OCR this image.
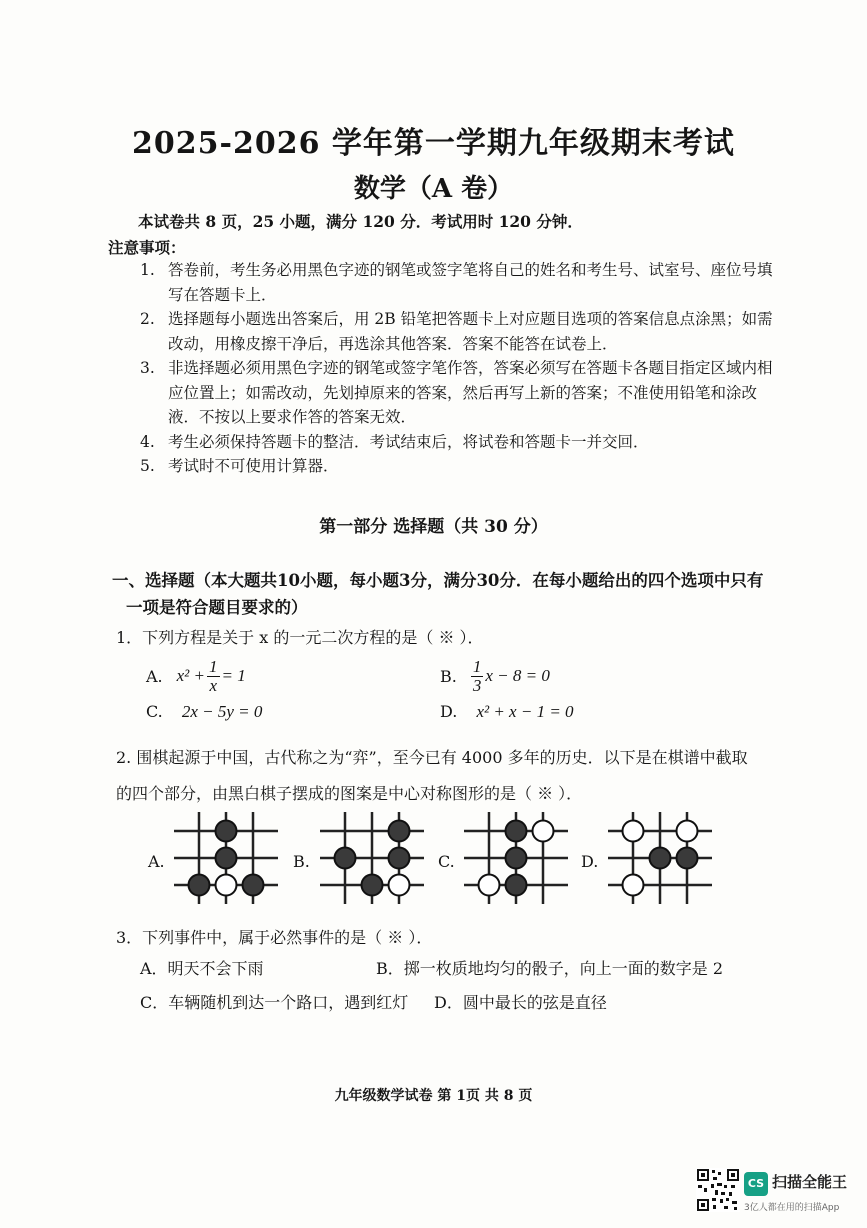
2025-2026 学年第一学期九年级期末考试
数学（A 卷）
本试卷共 8 页，25 小题，满分 120 分．考试用时 120 分钟．
注意事项：
1. 答卷前，考生务必用黑色字迹的钢笔或签字笔将自己的姓名和考生号、试室号、座位号填写在答题卡上．
2. 选择题每小题选出答案后，用 2B 铅笔把答题卡上对应题目选项的答案信息点涂黑；如需改动，用橡皮擦干净后，再选涂其他答案．答案不能答在试卷上．
3. 非选择题必须用黑色字迹的钢笔或签字笔作答，答案必须写在答题卡各题目指定区域内相应位置上；如需改动，先划掉原来的答案，然后再写上新的答案；不准使用铅笔和涂改液．不按以上要求作答的答案无效．
4. 考生必须保持答题卡的整洁．考试结束后，将试卷和答题卡一并交回．
5. 考试时不可使用计算器．
第一部分 选择题（共 30 分）
一、选择题（本大题共10小题，每小题3分，满分30分．在每小题给出的四个选项中只有
一项是符合题目要求的）
1．下列方程是关于 x 的一元二次方程的是（ ※ ）．
A. $x^2 + \frac{1}{x} = 1$	B. $\frac{1}{3}$ x − 8 = 0
C. 2x − 5y = 0	D. x² + x − 1 = 0
2. 围棋起源于中国，古代称之为“弈”，至今已有 4000 多年的历史．以下是在棋谱中截取
的四个部分，由黑白棋子摆成的图案是中心对称图形的是（ ※ ）．
A.	B.	C.	D.
3．下列事件中，属于必然事件的是（ ※ ）．
A．明天不会下雨	B．掷一枚质地均匀的骰子，向上一面的数字是 2
C．车辆随机到达一个路口，遇到红灯 D．圆中最长的弦是直径
九年级数学试卷 第 1页 共 8 页
CS 扫描全能王
3亿人都在用的扫描App
